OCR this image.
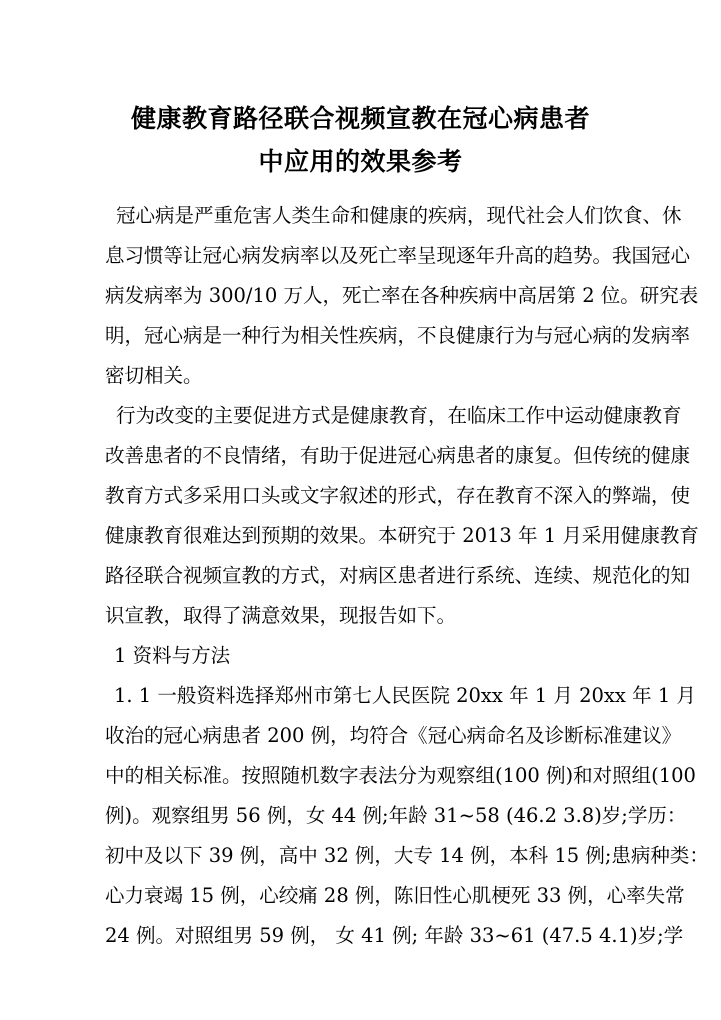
健康教育路径联合视频宣教在冠心病患者
中应用的效果参考

冠心病是严重危害人类生命和健康的疾病，现代社会人们饮食、休
息习惯等让冠心病发病率以及死亡率呈现逐年升高的趋势。我国冠心
病发病率为 300/10 万人，死亡率在各种疾病中高居第 2 位。研究表
明，冠心病是一种行为相关性疾病，不良健康行为与冠心病的发病率
密切相关。

行为改变的主要促进方式是健康教育，在临床工作中运动健康教育
改善患者的不良情绪，有助于促进冠心病患者的康复。但传统的健康
教育方式多采用口头或文字叙述的形式，存在教育不深入的弊端，使
健康教育很难达到预期的效果。本研究于 2013 年 1 月采用健康教育
路径联合视频宣教的方式，对病区患者进行系统、连续、规范化的知
识宣教，取得了满意效果，现报告如下。

1 资料与方法

1. 1 一般资料选择郑州市第七人民医院 20xx 年 1 月 20xx 年 1 月
收治的冠心病患者 200 例，均符合《冠心病命名及诊断标准建议》
中的相关标准。按照随机数字表法分为观察组(100 例)和对照组(100
例)。观察组男 56 例，女 44 例;年龄 31~58 (46.2 3.8)岁;学历：
初中及以下 39 例，高中 32 例，大专 14 例，本科 15 例;患病种类：
心力衰竭 15 例，心绞痛 28 例，陈旧性心肌梗死 33 例，心率失常
24 例。对照组男 59 例， 女 41 例; 年龄 33~61 (47.5 4.1)岁;学
